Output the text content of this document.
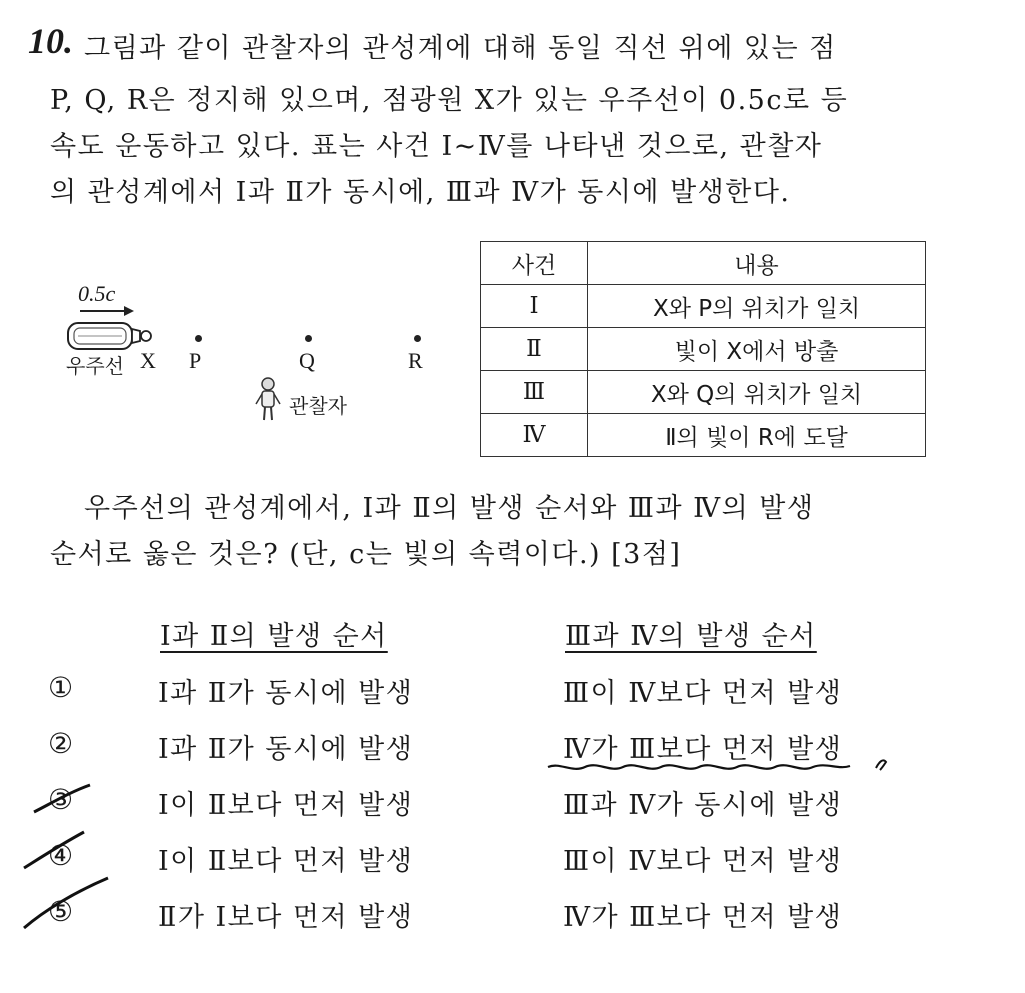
10. 그림과 같이 관찰자의 관성계에 대해 동일 직선 위에 있는 점
P, Q, R은 정지해 있으며, 점광원 X가 있는 우주선이 0.5c로 등
속도 운동하고 있다. 표는 사건 Ⅰ~Ⅳ를 나타낸 것으로, 관찰자
의 관성계에서 Ⅰ과 Ⅱ가 동시에, Ⅲ과 Ⅳ가 동시에 발생한다.
0.5c
우주선 X P	Q	R
관찰자
사건	내용
Ⅰ	X와 P의 위치가 일치
Ⅱ	빛이 X에서 방출
Ⅲ	X와 Q의 위치가 일치
Ⅳ	Ⅱ의 빛이 R에 도달
우주선의 관성계에서, Ⅰ과 Ⅱ의 발생 순서와 Ⅲ과 Ⅳ의 발생
순서로 옳은 것은? (단, c는 빛의 속력이다.) [3점]
Ⅰ과 Ⅱ의 발생 순서	Ⅲ과 Ⅳ의 발생 순서
①	Ⅰ과 Ⅱ가 동시에 발생	Ⅲ이 Ⅳ보다 먼저 발생
②	Ⅰ과 Ⅱ가 동시에 발생	Ⅳ가 Ⅲ보다 먼저 발생
③	Ⅰ이 Ⅱ보다 먼저 발생	Ⅲ과 Ⅳ가 동시에 발생
④	Ⅰ이 Ⅱ보다 먼저 발생	Ⅲ이 Ⅳ보다 먼저 발생
⑤	Ⅱ가 Ⅰ보다 먼저 발생	Ⅳ가 Ⅲ보다 먼저 발생
